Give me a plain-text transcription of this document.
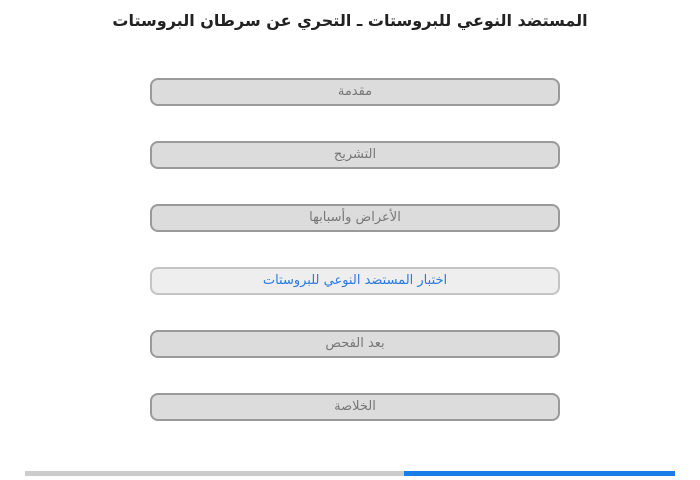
المستضد النوعي للبروستات ـ التحري عن سرطان البروستات
مقدمة
التشريح
الأعراض وأسبابها
اختبار المستضد النوعي للبروستات
بعد الفحص
الخلاصة
